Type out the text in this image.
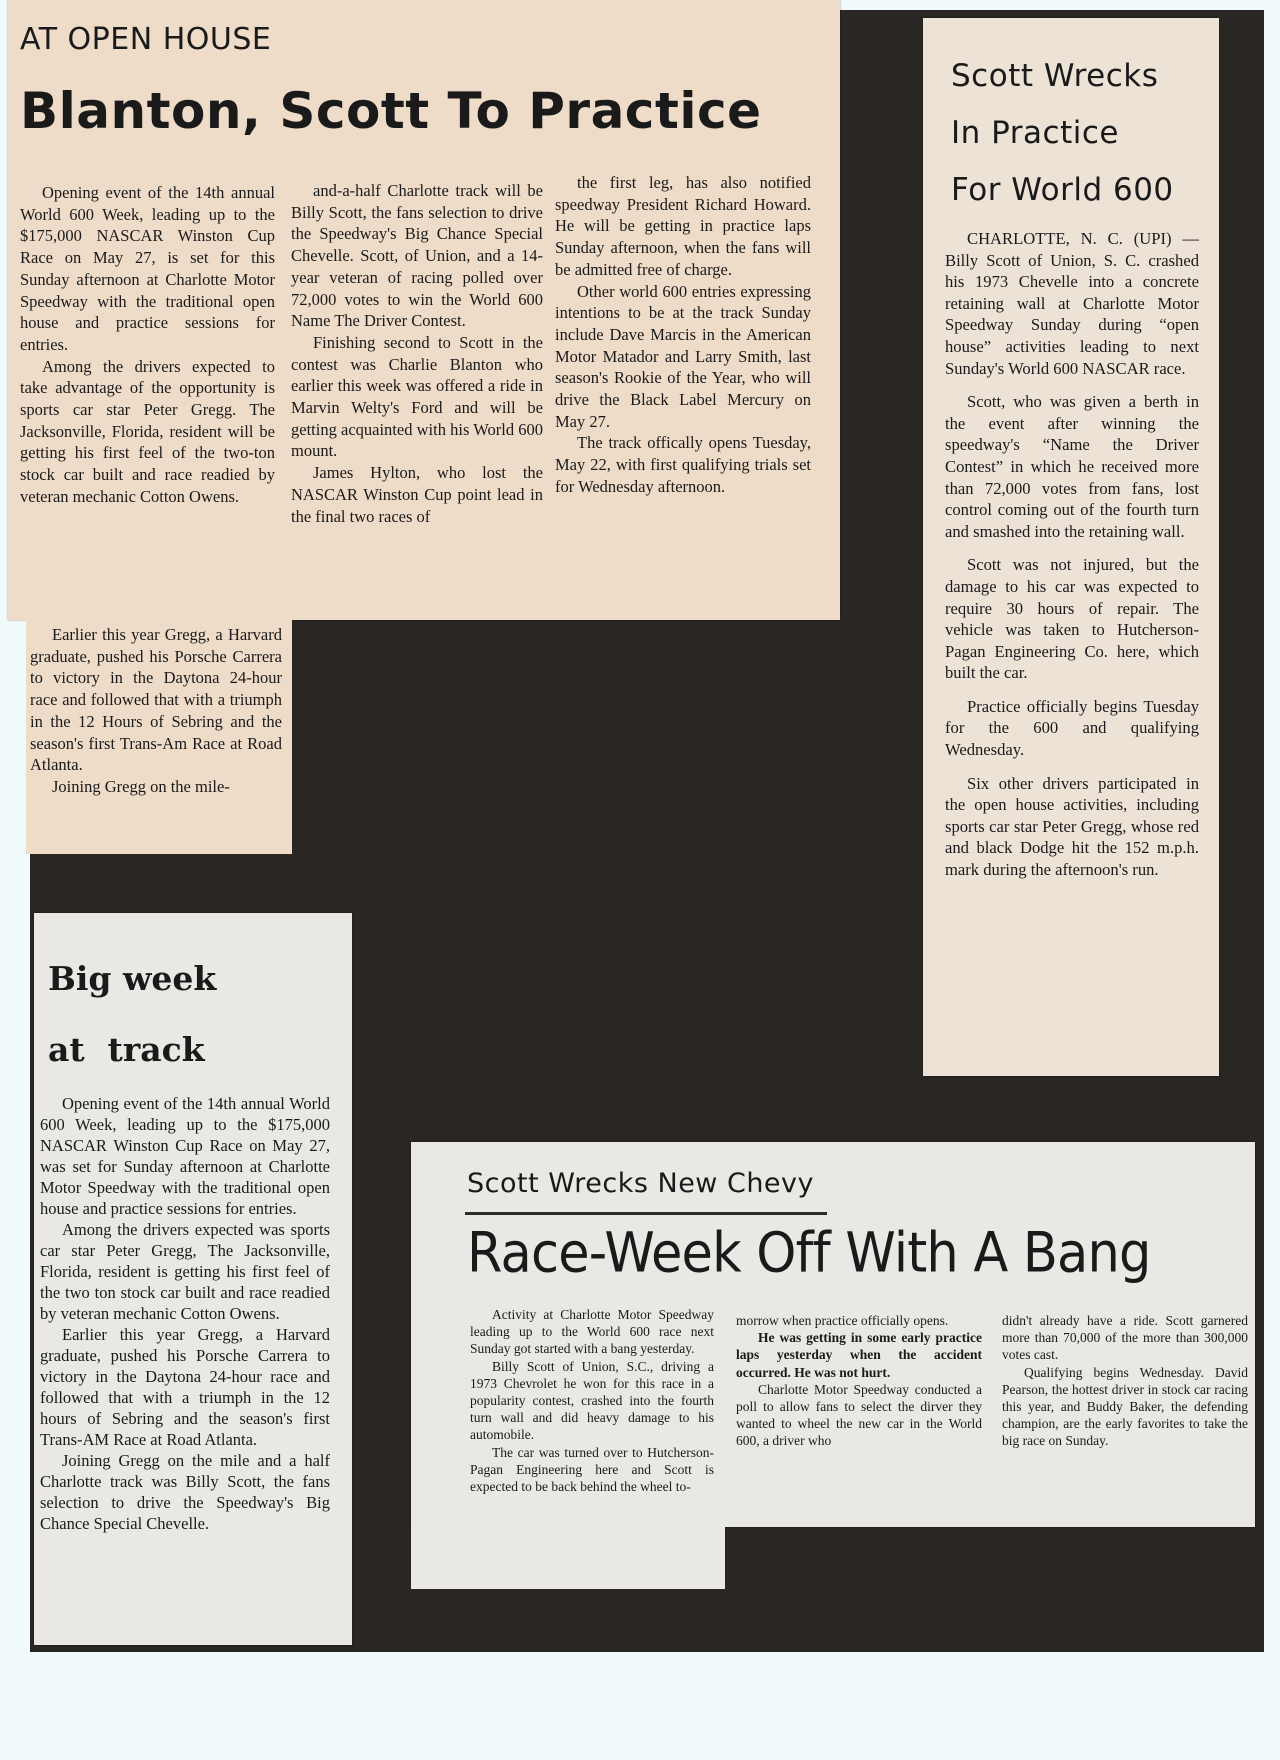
AT OPEN HOUSE
Blanton, Scott To Practice

Opening event of the 14th annual World 600 Week, leading up to the $175,000 NASCAR Winston Cup Race on May 27, is set for this Sunday afternoon at Charlotte Motor Speedway with the traditional open house and practice sessions for entries.

Among the drivers expected to take advantage of the opportunity is sports car star Peter Gregg. The Jacksonville, Florida, resident will be getting his first feel of the two-ton stock car built and race readied by veteran mechanic Cotton Owens.

and-a-half Charlotte track will be Billy Scott, the fans selection to drive the Speedway's Big Chance Special Chevelle. Scott, of Union, and a 14-year veteran of racing polled over 72,000 votes to win the World 600 Name The Driver Contest.

Finishing second to Scott in the contest was Charlie Blanton who earlier this week was offered a ride in Marvin Welty's Ford and will be getting acquainted with his World 600 mount.

James Hylton, who lost the NASCAR Winston Cup point lead in the final two races of

the first leg, has also notified speedway President Richard Howard. He will be getting in practice laps Sunday afternoon, when the fans will be admitted free of charge.

Other world 600 entries expressing intentions to be at the track Sunday include Dave Marcis in the American Motor Matador and Larry Smith, last season's Rookie of the Year, who will drive the Black Label Mercury on May 27.

The track offically opens Tuesday, May 22, with first qualifying trials set for Wednesday afternoon.

Earlier this year Gregg, a Harvard graduate, pushed his Porsche Carrera to victory in the Daytona 24-hour race and followed that with a triumph in the 12 Hours of Sebring and the season's first Trans-Am Race at Road Atlanta.

Joining Gregg on the mile-

Scott Wrecks
In Practice
For World 600

CHARLOTTE, N. C. (UPI) — Billy Scott of Union, S. C. crashed his 1973 Chevelle into a concrete retaining wall at Charlotte Motor Speedway Sunday during “open house” activities leading to next Sunday's World 600 NASCAR race.

Scott, who was given a berth in the event after winning the speedway's “Name the Driver Contest” in which he received more than 72,000 votes from fans, lost control coming out of the fourth turn and smashed into the retaining wall.

Scott was not injured, but the damage to his car was expected to require 30 hours of repair. The vehicle was taken to Hutcherson-Pagan Engineering Co. here, which built the car.

Practice officially begins Tuesday for the 600 and qualifying Wednesday.

Six other drivers participated in the open house activities, including sports car star Peter Gregg, whose red and black Dodge hit the 152 m.p.h. mark during the afternoon's run.

Big week
at  track

Opening event of the 14th annual World 600 Week, leading up to the $175,000 NASCAR Winston Cup Race on May 27, was set for Sunday afternoon at Charlotte Motor Speedway with the traditional open house and practice sessions for entries.

Among the drivers expected was sports car star Peter Gregg, The Jacksonville, Florida, resident is getting his first feel of the two ton stock car built and race readied by veteran mechanic Cotton Owens.

Earlier this year Gregg, a Harvard graduate, pushed his Porsche Carrera to victory in the Daytona 24-hour race and followed that with a triumph in the 12 hours of Sebring and the season's first Trans-AM Race at Road Atlanta.

Joining Gregg on the mile and a half Charlotte track was Billy Scott, the fans selection to drive the Speedway's Big Chance Special Chevelle.

Scott Wrecks New Chevy
Race-Week Off With A Bang

Activity at Charlotte Motor Speedway leading up to the World 600 race next Sunday got started with a bang yesterday.

Billy Scott of Union, S.C., driving a 1973 Chevrolet he won for this race in a popularity contest, crashed into the fourth turn wall and did heavy damage to his automobile.

The car was turned over to Hutcherson-Pagan Engineering here and Scott is expected to be back behind the wheel to-

morrow when practice officially opens.

He was getting in some early practice laps yesterday when the accident occurred. He was not hurt.

Charlotte Motor Speedway conducted a poll to allow fans to select the dirver they wanted to wheel the new car in the World 600, a driver who

didn't already have a ride. Scott garnered more than 70,000 of the more than 300,000 votes cast.

Qualifying begins Wednesday. David Pearson, the hottest driver in stock car racing this year, and Buddy Baker, the defending champion, are the early favorites to take the big race on Sunday.
